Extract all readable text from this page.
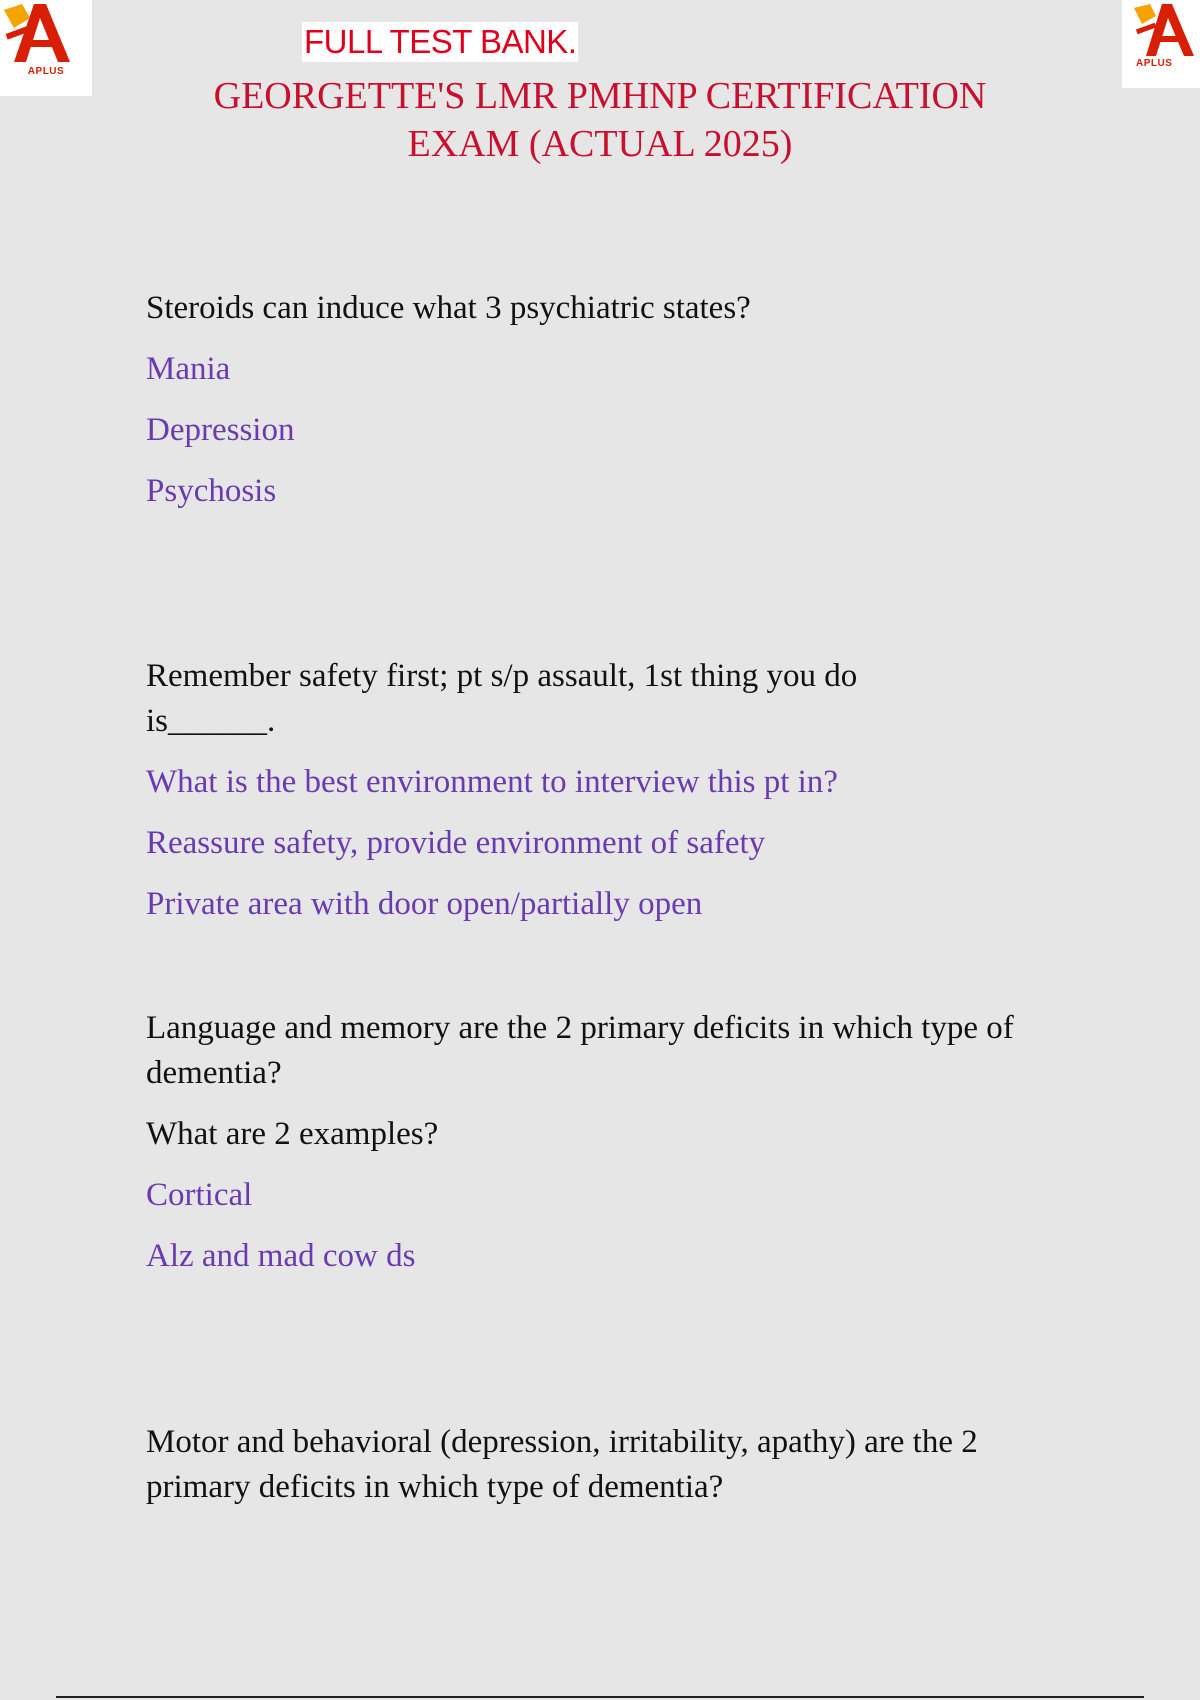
APLUS
APLUS
FULL TEST BANK.
GEORGETTE'S LMR PMHNP CERTIFICATION
EXAM (ACTUAL 2025)

Steroids can induce what 3 psychiatric states?

Mania

Depression

Psychosis

Remember safety first; pt s/p assault, 1st thing you do is______.

What is the best environment to interview this pt in?

Reassure safety, provide environment of safety

Private area with door open/partially open

Language and memory are the 2 primary deficits in which type of dementia?

What are 2 examples?

Cortical

Alz and mad cow ds

Motor and behavioral (depression, irritability, apathy) are the 2 primary deficits in which type of dementia?
